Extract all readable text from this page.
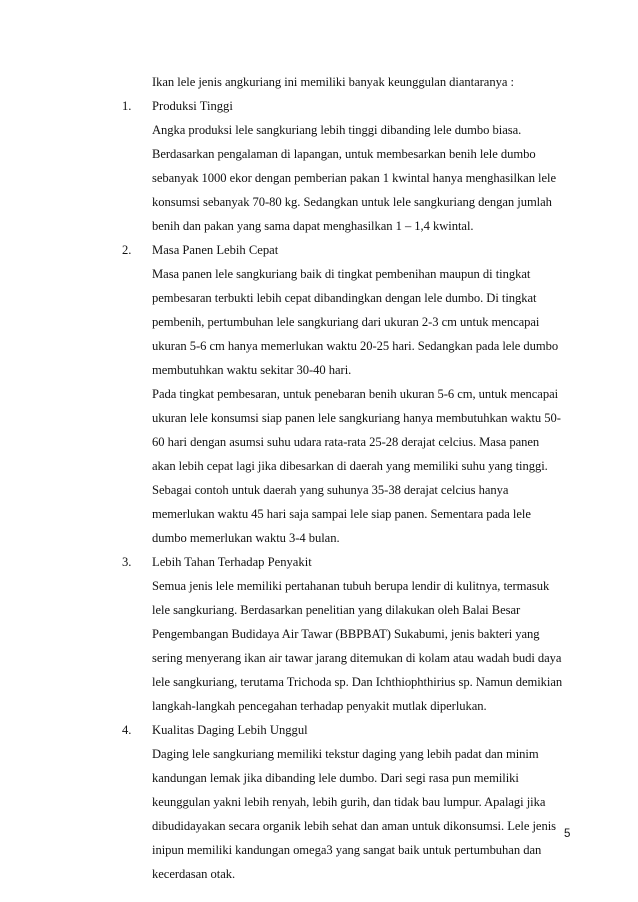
Ikan lele jenis angkuriang ini memiliki banyak keunggulan diantaranya :
1. Produksi Tinggi
Angka produksi lele sangkuriang lebih tinggi dibanding lele dumbo biasa.
Berdasarkan pengalaman di lapangan, untuk membesarkan benih lele dumbo
sebanyak 1000 ekor dengan pemberian pakan 1 kwintal hanya menghasilkan lele
konsumsi sebanyak 70-80 kg. Sedangkan untuk lele sangkuriang dengan jumlah
benih dan pakan yang sama dapat menghasilkan 1 – 1,4 kwintal.
2. Masa Panen Lebih Cepat
Masa panen lele sangkuriang baik di tingkat pembenihan maupun di tingkat
pembesaran terbukti lebih cepat dibandingkan dengan lele dumbo. Di tingkat
pembenih, pertumbuhan lele sangkuriang dari ukuran 2-3 cm untuk mencapai
ukuran 5-6 cm hanya memerlukan waktu 20-25 hari. Sedangkan pada lele dumbo
membutuhkan waktu sekitar 30-40 hari.
Pada tingkat pembesaran, untuk penebaran benih ukuran 5-6 cm, untuk mencapai
ukuran lele konsumsi siap panen lele sangkuriang hanya membutuhkan waktu 50-
60 hari dengan asumsi suhu udara rata-rata 25-28 derajat celcius. Masa panen
akan lebih cepat lagi jika dibesarkan di daerah yang memiliki suhu yang tinggi.
Sebagai contoh untuk daerah yang suhunya 35-38 derajat celcius hanya
memerlukan waktu 45 hari saja sampai lele siap panen. Sementara pada lele
dumbo memerlukan waktu 3-4 bulan.
3. Lebih Tahan Terhadap Penyakit
Semua jenis lele memiliki pertahanan tubuh berupa lendir di kulitnya, termasuk
lele sangkuriang. Berdasarkan penelitian yang dilakukan oleh Balai Besar
Pengembangan Budidaya Air Tawar (BBPBAT) Sukabumi, jenis bakteri yang
sering menyerang ikan air tawar jarang ditemukan di kolam atau wadah budi daya
lele sangkuriang, terutama Trichoda sp. Dan Ichthiophthirius sp. Namun demikian
langkah-langkah pencegahan terhadap penyakit mutlak diperlukan.
4. Kualitas Daging Lebih Unggul
Daging lele sangkuriang memiliki tekstur daging yang lebih padat dan minim
kandungan lemak jika dibanding lele dumbo. Dari segi rasa pun memiliki
keunggulan yakni lebih renyah, lebih gurih, dan tidak bau lumpur. Apalagi jika
dibudidayakan secara organik lebih sehat dan aman untuk dikonsumsi. Lele jenis
inipun memiliki kandungan omega3 yang sangat baik untuk pertumbuhan dan
kecerdasan otak.
5
